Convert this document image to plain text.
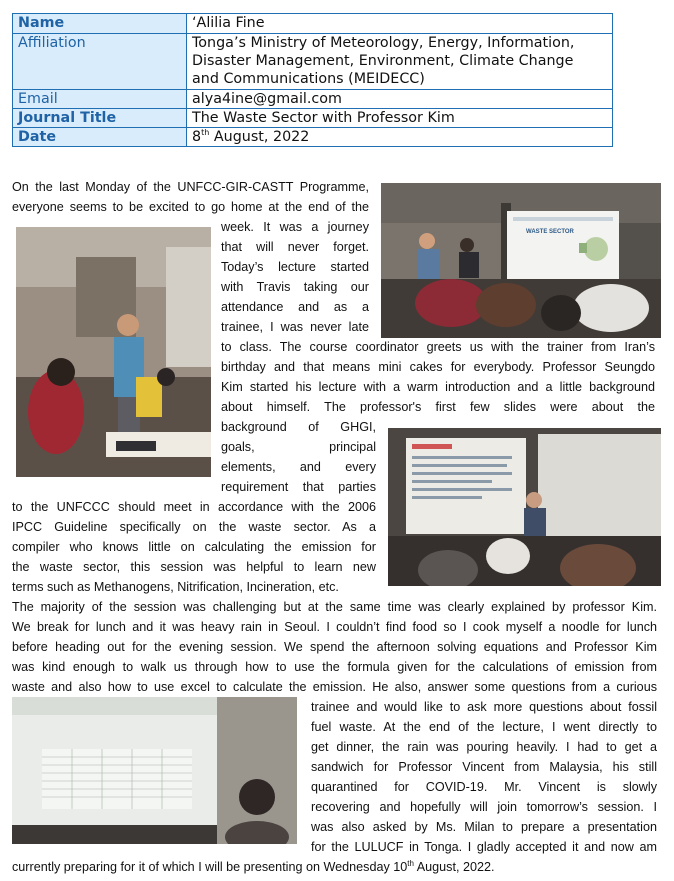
Name	‘Alilia Fine
Affiliation	Tonga’s Ministry of Meteorology, Energy, Information,
Disaster Management, Environment, Climate Change
and Communications (MEIDECC)

Email	alya4ine@gmail.com
Journal Title	The Waste Sector with Professor Kim
Date	8th August, 2022
WASTE SECTOR
On the last Monday of the UNFCC-GIR-CASTT Programme,
everyone seems to be excited to go home at the end of the
week. It was a journey
that will never forget.
Today’s lecture started
with Travis taking our
attendance and as a
trainee, I was never late
to class. The course coordinator greets us with the trainer from Iran’s
birthday and that means mini cakes for everybody. Professor Seungdo
Kim started his lecture with a warm introduction and a little background
about himself. The professor's first few slides were about the
background of GHGI,
goals, principal
elements, and every
requirement that parties
to the UNFCCC should meet in accordance with the 2006
IPCC Guideline specifically on the waste sector. As a
compiler who knows little on calculating the emission for
the waste sector, this session was helpful to learn new
terms such as Methanogens, Nitrification, Incineration, etc.
The majority of the session was challenging but at the same time was clearly explained by professor Kim.
We break for lunch and it was heavy rain in Seoul. I couldn’t find food so I cook myself a noodle for lunch
before heading out for the evening session. We spend the afternoon solving equations and Professor Kim
was kind enough to walk us through how to use the formula given for the calculations of emission from
waste and also how to use excel to calculate the emission. He also, answer some questions from a curious
trainee and would like to ask more questions about fossil
fuel waste. At the end of the lecture, I went directly to
get dinner, the rain was pouring heavily. I had to get a
sandwich for Professor Vincent from Malaysia, his still
quarantined for COVID-19. Mr. Vincent is slowly
recovering and hopefully will join tomorrow’s session. I
was also asked by Ms. Milan to prepare a presentation
for the LULUCF in Tonga. I gladly accepted it and now am
currently preparing for it of which I will be presenting on Wednesday 10th August, 2022.
